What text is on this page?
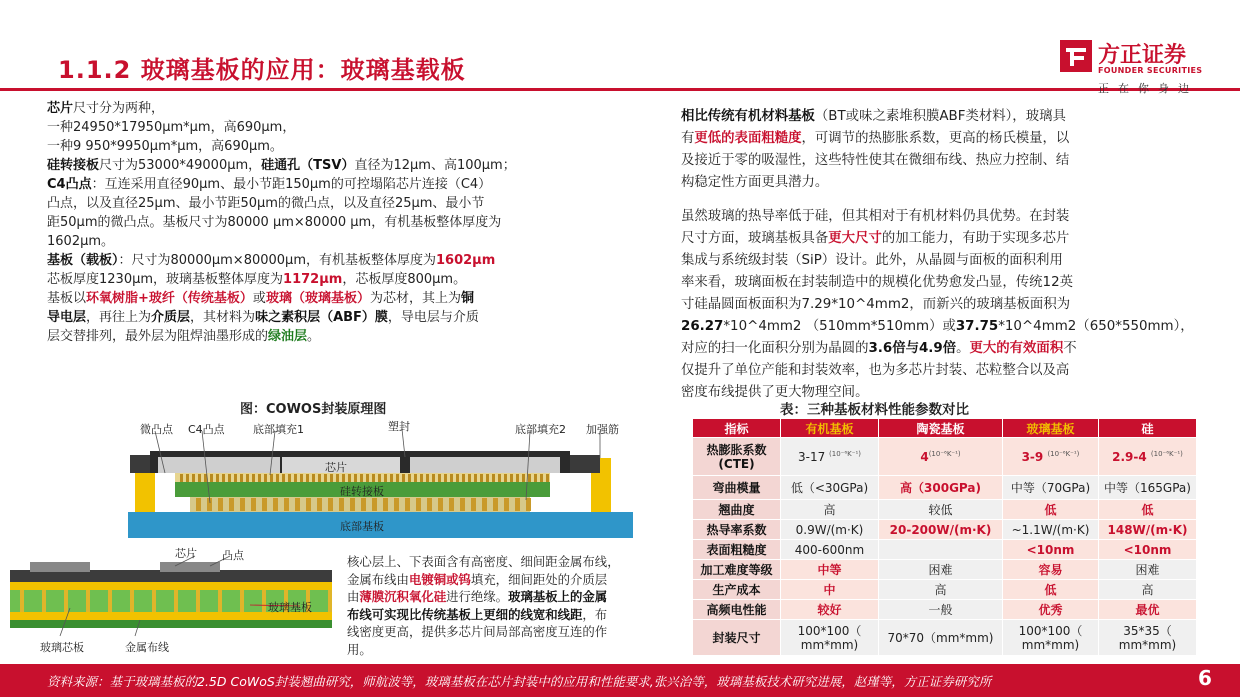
1.1.2 玻璃基板的应用：玻璃基载板
方正证券
FOUNDER SECURITIES
正在你身边

芯片尺寸分为两种，

一种24950*17950μm*μm，高690μm，

一种9 950*9950μm*μm，高690μm。

硅转接板尺寸为53000*49000μm，硅通孔（TSV）直径为12μm、高100μm；

C4凸点：互连采用直径90μm、最小节距150μm的可控塌陷芯片连接（C4）

凸点，以及直径25μm、最小节距50μm的微凸点，以及直径25μm、最小节

距50μm的微凸点。基板尺寸为80000 μm×80000 μm，有机基板整体厚度为

1602μm。

基板（载板）：尺寸为80000μm×80000μm，有机基板整体厚度为1602μm

芯板厚度1230μm，玻璃基板整体厚度为1172μm，芯板厚度800μm。

基板以环氧树脂+玻纤（传统基板）或玻璃（玻璃基板）为芯材，其上为铜

导电层，再往上为介质层，其材料为味之素积层（ABF）膜，导电层与介质

层交替排列，最外层为阻焊油墨形成的绿油层。

相比传统有机材料基板（BT或味之素堆积膜ABF类材料），玻璃具

有更低的表面粗糙度，可调节的热膨胀系数，更高的杨氏模量，以

及接近于零的吸湿性，这些特性使其在微细布线、热应力控制、结

构稳定性方面更具潜力。

虽然玻璃的热导率低于硅，但其相对于有机材料仍具优势。在封装

尺寸方面，玻璃基板具备更大尺寸的加工能力，有助于实现多芯片

集成与系统级封装（SiP）设计。此外，从晶圆与面板的面积利用

率来看，玻璃面板在封装制造中的规模化优势愈发凸显，传统12英

寸硅晶圆面板面积为7.29*10^4mm2，而新兴的玻璃基板面积为

26.27*10^4mm2 （510mm*510mm）或37.75*10^4mm2（650*550mm），

对应的扫一化面积分别为晶圆的3.6倍与4.9倍。更大的有效面积不

仅提升了单位产能和封装效率，也为多芯片封装、芯粒整合以及高

密度布线提供了更大物理空间。

图：COWOS封装原理图
微凸点 C4凸点	底部填充1	塑封	底部填充2 加强筋
芯片
硅转接板
底部基板
芯片 凸点
玻璃基板
玻璃芯板	金属布线

核心层上、下表面含有高密度、细间距金属布线，

金属布线由电镀铜或钨填充，细间距处的介质层

由薄膜沉积氧化硅进行绝缘。玻璃基板上的金属

布线可实现比传统基板上更细的线宽和线距，布

线密度更高，提供多芯片间局部高密度互连的作

用。

表：三种基板材料性能参数对比
指标	有机基板	陶瓷基板	玻璃基板	硅
热膨胀系数
(CTE)	3-17 $^{(10^{-6}K^{-1})}$	$4^{(10^{-6}K^{-1})}$	3-9 $^{(10^{-6}K^{-1})}$	2.9-4 $^{(10^{-6}K^{-1})}$
弯曲模量	低（<30GPa)	高（300GPa)	中等（70GPa)	中等（165GPa)
翘曲度	高	较低	低	低
热导率系数	0.9W/(m·K)	20-200W/(m·K)	~1.1W/(m·K)	148W/(m·K)
表面粗糙度	400-600nm		<10nm	<10nm
加工难度等级	中等	困难	容易	困难
生产成本	中	高	低	高
高频电性能	较好	一般	优秀	最优
封装尺寸	100*100（
mm*mm)	70*70（mm*mm)	100*100（
mm*mm)	35*35（
mm*mm)
资料来源：基于玻璃基板的2.5D CoWoS封装翘曲研究，师航波等，玻璃基板在芯片封装中的应用和性能要求,张兴治等，玻璃基板技术研究进展，赵瑾等，方正证券研究所	6
